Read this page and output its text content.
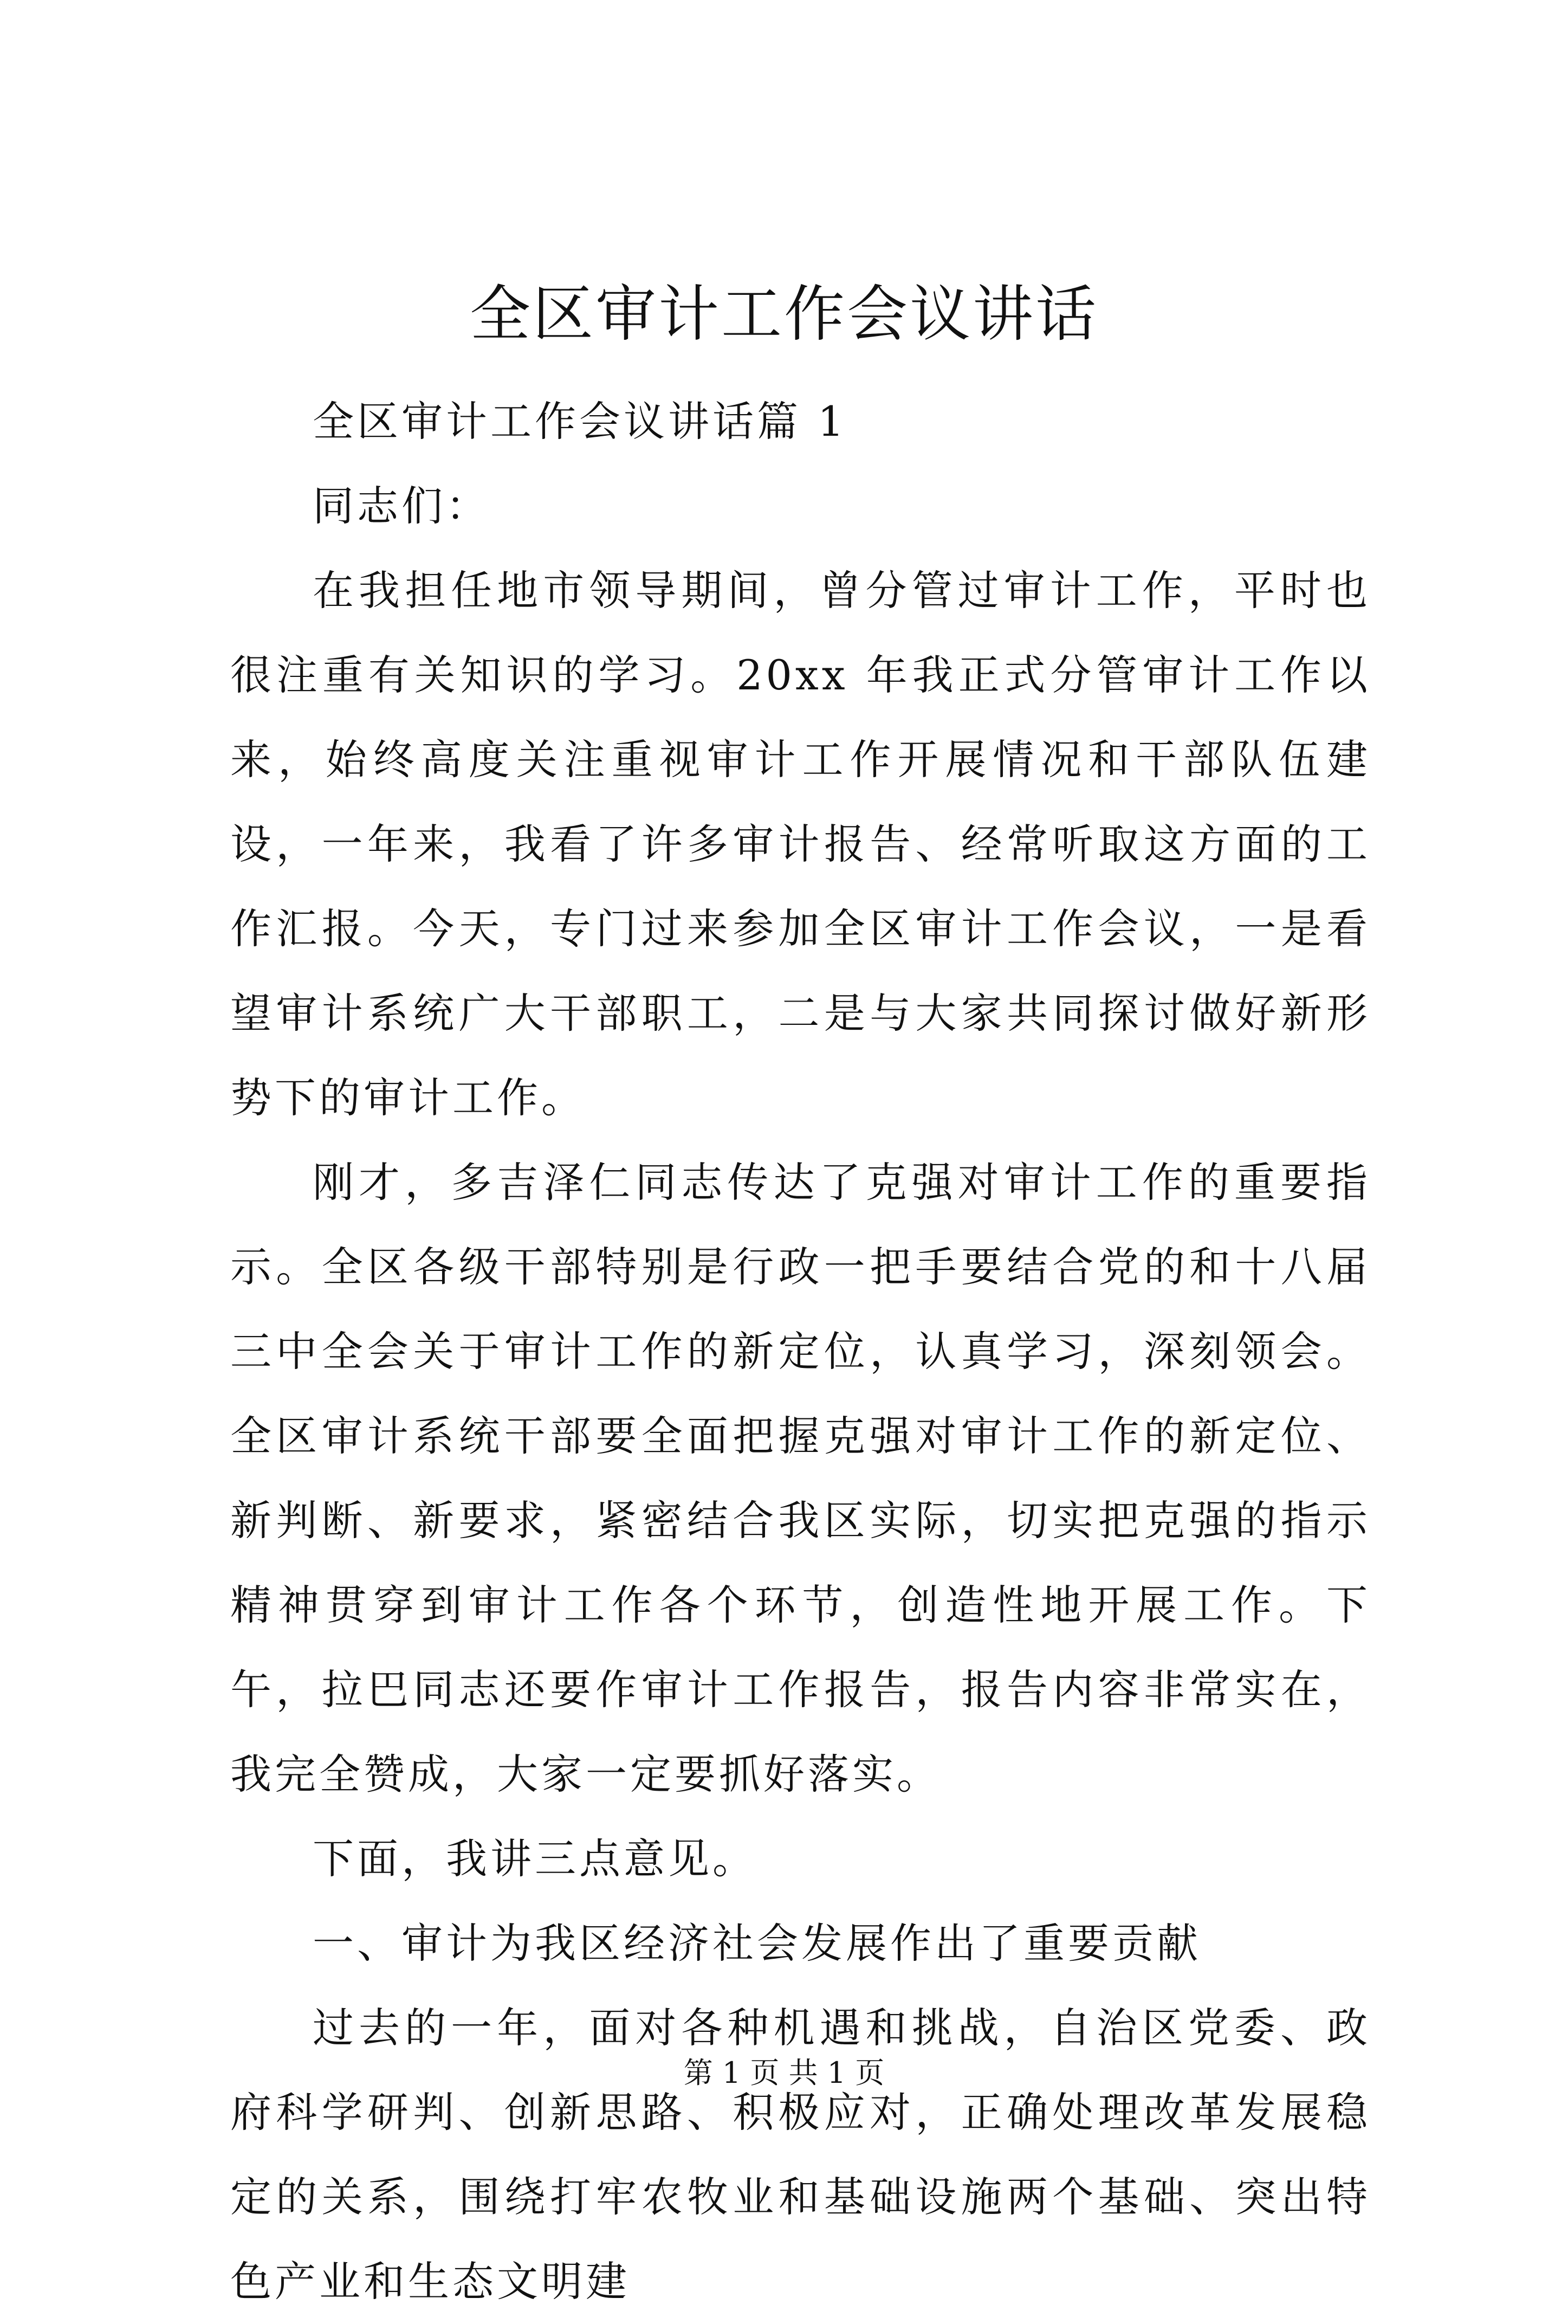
全区审计工作会议讲话

全区审计工作会议讲话篇 1

同志们：

在我担任地市领导期间，曾分管过审计工作，平时也很注重有关知识的学习。20xx 年我正式分管审计工作以来，始终高度关注重视审计工作开展情况和干部队伍建设，一年来，我看了许多审计报告、经常听取这方面的工作汇报。今天，专门过来参加全区审计工作会议，一是看望审计系统广大干部职工，二是与大家共同探讨做好新形势下的审计工作。

刚才，多吉泽仁同志传达了克强对审计工作的重要指示。全区各级干部特别是行政一把手要结合党的和十八届三中全会关于审计工作的新定位，认真学习，深刻领会。全区审计系统干部要全面把握克强对审计工作的新定位、新判断、新要求，紧密结合我区实际，切实把克强的指示精神贯穿到审计工作各个环节，创造性地开展工作。下午，拉巴同志还要作审计工作报告，报告内容非常实在，我完全赞成，大家一定要抓好落实。

下面，我讲三点意见。

一、审计为我区经济社会发展作出了重要贡献

过去的一年，面对各种机遇和挑战，自治区党委、政府科学研判、创新思路、积极应对，正确处理改革发展稳定的关系，围绕打牢农牧业和基础设施两个基础、突出特色产业和生态文明建

第 1 页 共 1 页
